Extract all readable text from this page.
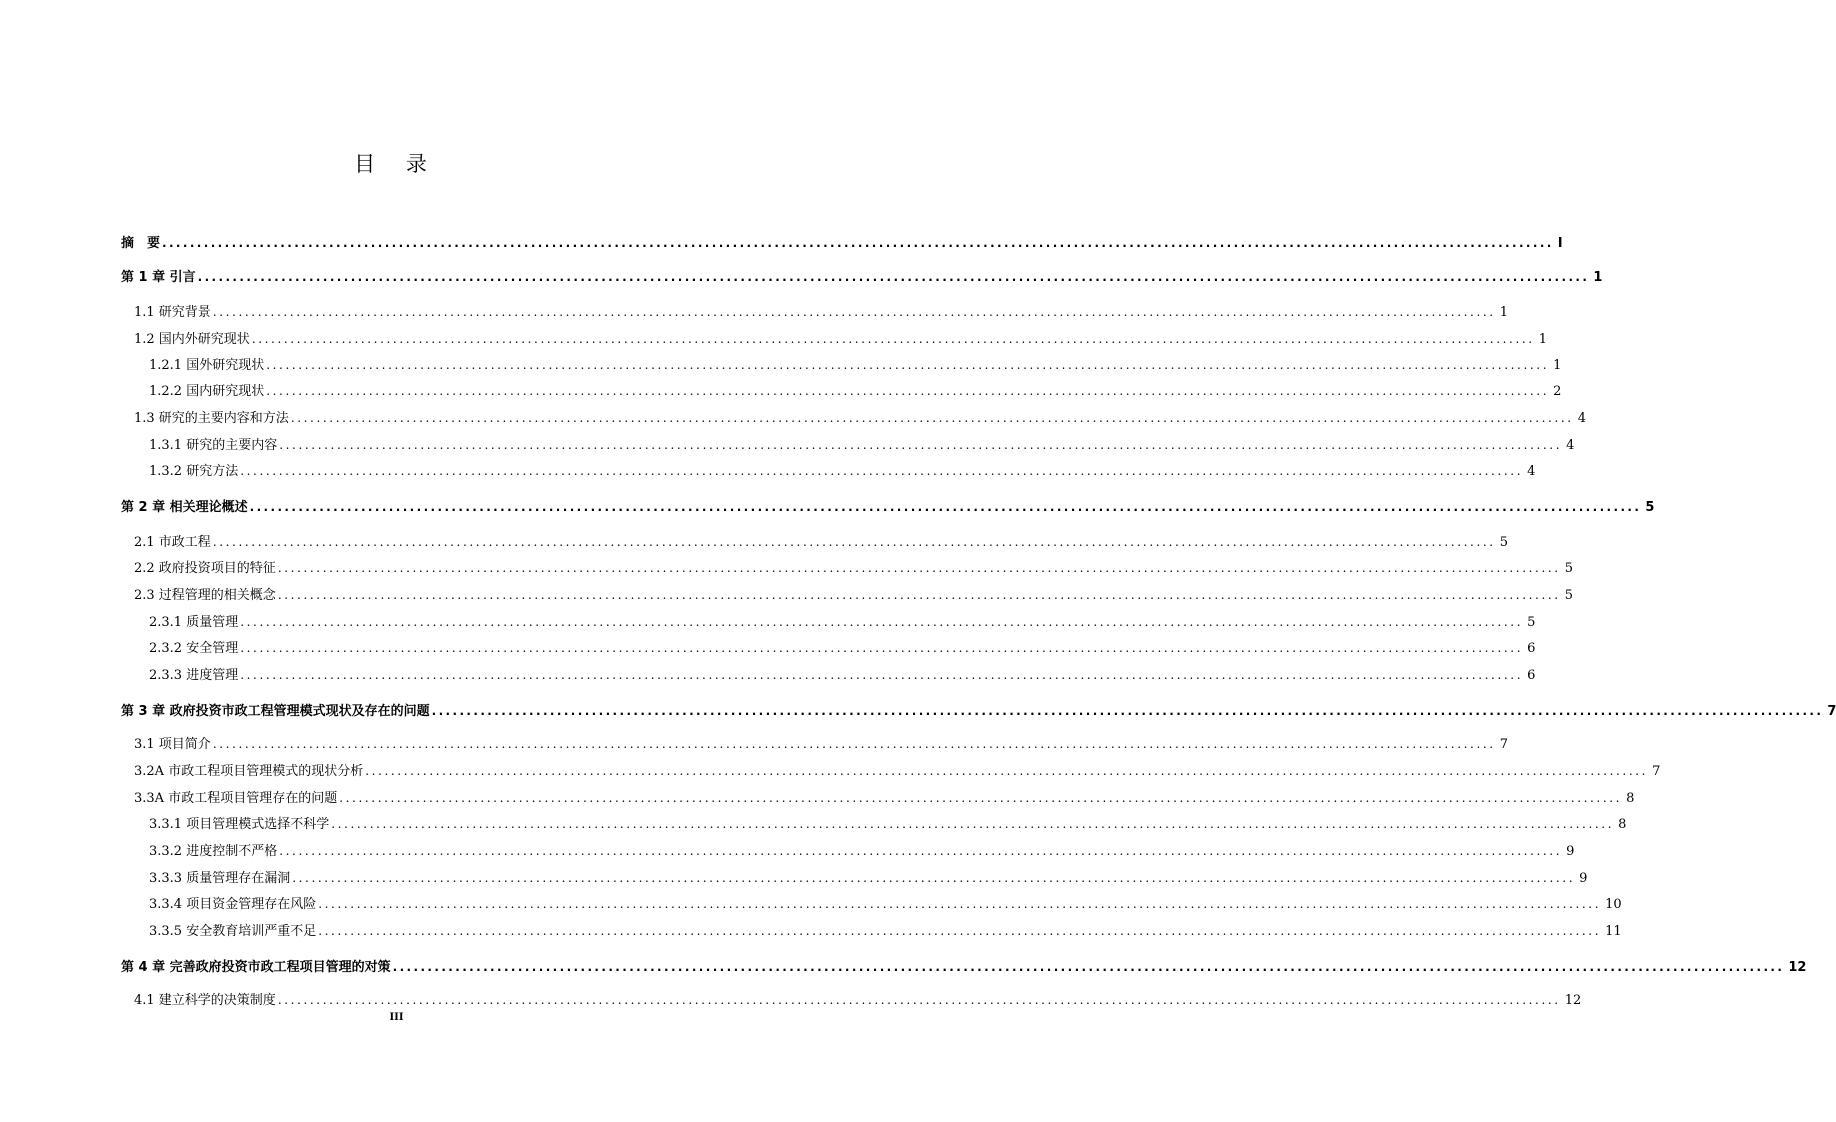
目 录
摘　要 ........................................................................................................................................................................................................ I
第 1 章 引言 ........................................................................................................................................................................................................ 1
1.1 研究背景 ........................................................................................................................................................................................................ 1
1.2 国内外研究现状 ........................................................................................................................................................................................................ 1
1.2.1 国外研究现状 ........................................................................................................................................................................................................ 1
1.2.2 国内研究现状 ........................................................................................................................................................................................................ 2
1.3 研究的主要内容和方法 ........................................................................................................................................................................................................ 4
1.3.1 研究的主要内容 ........................................................................................................................................................................................................ 4
1.3.2 研究方法 ........................................................................................................................................................................................................ 4
第 2 章 相关理论概述 ........................................................................................................................................................................................................ 5
2.1 市政工程 ........................................................................................................................................................................................................ 5
2.2 政府投资项目的特征 ........................................................................................................................................................................................................ 5
2.3 过程管理的相关概念 ........................................................................................................................................................................................................ 5
2.3.1 质量管理 ........................................................................................................................................................................................................ 5
2.3.2 安全管理 ........................................................................................................................................................................................................ 6
2.3.3 进度管理 ........................................................................................................................................................................................................ 6
第 3 章 政府投资市政工程管理模式现状及存在的问题 ........................................................................................................................................................................................................ 7
3.1 项目简介 ........................................................................................................................................................................................................ 7
3.2A 市政工程项目管理模式的现状分析 ........................................................................................................................................................................................................ 7
3.3A 市政工程项目管理存在的问题 ........................................................................................................................................................................................................ 8
3.3.1 项目管理模式选择不科学 ........................................................................................................................................................................................................ 8
3.3.2 进度控制不严格 ........................................................................................................................................................................................................ 9
3.3.3 质量管理存在漏洞 ........................................................................................................................................................................................................ 9
3.3.4 项目资金管理存在风险 ........................................................................................................................................................................................................ 10
3.3.5 安全教育培训严重不足 ........................................................................................................................................................................................................ 11
第 4 章 完善政府投资市政工程项目管理的对策 ........................................................................................................................................................................................................ 12
4.1 建立科学的决策制度 ........................................................................................................................................................................................................ 12
III
